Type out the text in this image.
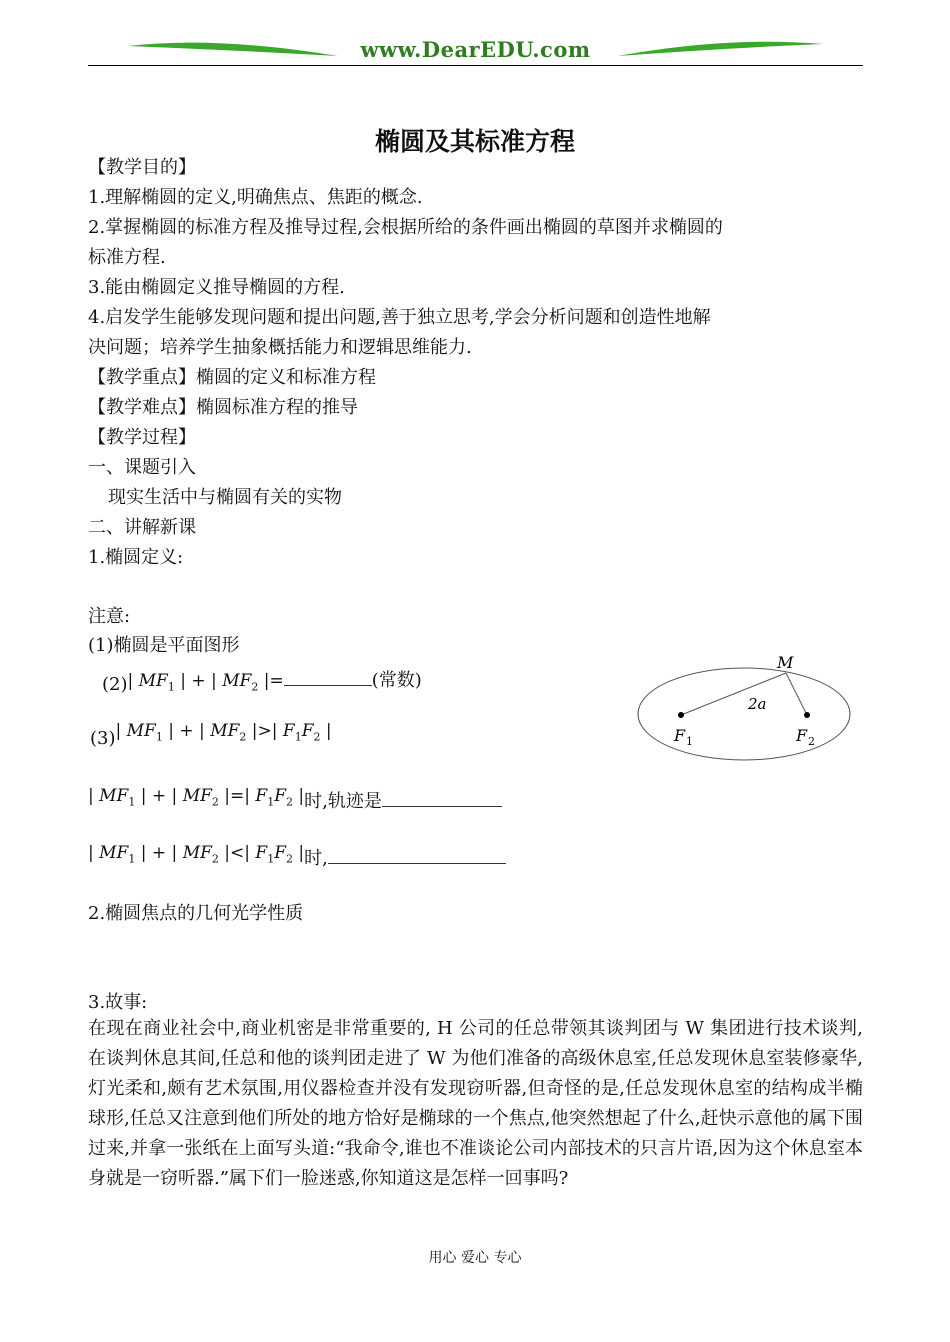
www.DearEDU.com
椭圆及其标准方程
【教学目的】
1.理解椭圆的定义,明确焦点、焦距的概念.
2.掌握椭圆的标准方程及推导过程,会根据所给的条件画出椭圆的草图并求椭圆的
标准方程.
3.能由椭圆定义推导椭圆的方程.
4.启发学生能够发现问题和提出问题,善于独立思考,学会分析问题和创造性地解
决问题；培养学生抽象概括能力和逻辑思维能力.
【教学重点】椭圆的定义和标准方程
【教学难点】椭圆标准方程的推导
【教学过程】
一、课题引入
现实生活中与椭圆有关的实物
二、讲解新课
1.椭圆定义:
注意:
(1)椭圆是平面图形
(2)| $MF_1$ | + | $MF_2$ |=	(常数)
(3)| $MF_1$ | + | $MF_2$ |>| $F_1F_2$ |
| $MF_1$ | + | $MF_2$ |=| $F_1F_2$ |时,轨迹是
| $MF_1$ | + | $MF_2$ |<| $F_1F_2$ |时,
M
2a
F 1	F 2
2.椭圆焦点的几何光学性质
3.故事:

在现在商业社会中,商业机密是非常重要的, H 公司的任总带领其谈判团与 W 集团进行技术谈判,在谈判休息其间,任总和他的谈判团走进了 W 为他们准备的高级休息室,任总发现休息室装修豪华,灯光柔和,颇有艺术氛围,用仪器检查并没有发现窃听器,但奇怪的是,任总发现休息室的结构成半椭球形,任总又注意到他们所处的地方恰好是椭球的一个焦点,他突然想起了什么,赶快示意他的属下围过来,并拿一张纸在上面写头道:“我命令,谁也不准谈论公司内部技术的只言片语,因为这个休息室本身就是一窃听器.”属下们一脸迷惑,你知道这是怎样一回事吗?

用心 爱心 专心
